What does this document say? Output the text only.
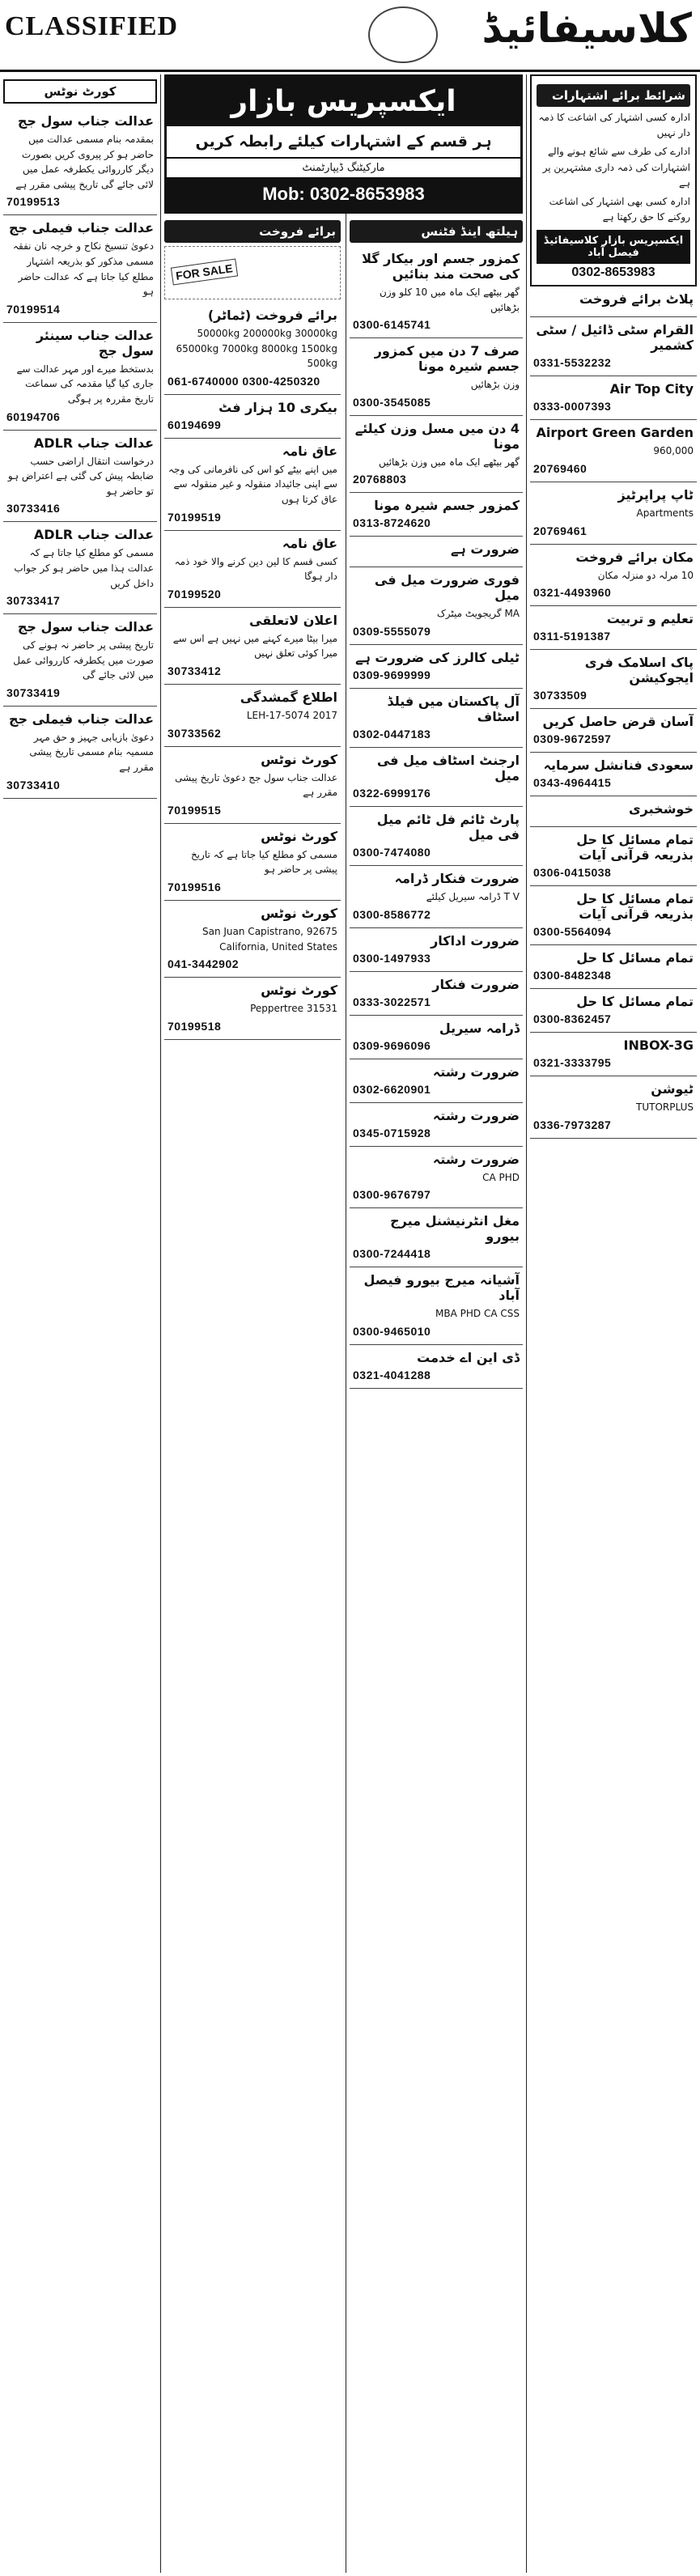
CLASSIFIED	کلاسیفائیڈ
ایکسپریس بازار
ہر قسم کے اشتہارات کیلئے رابطہ کریں
مارکیٹنگ ڈیپارٹمنٹ
Mob: 0302-8653983
کورٹ نوٹس
عدالت جناب سول جج
بمقدمہ بنام مسمی عدالت میں حاضر ہو کر پیروی کریں بصورت دیگر کارروائی یکطرفہ عمل میں لائی جائے گی تاریخ پیشی مقرر ہے
70199513
عدالت جناب فیملی جج
دعویٰ تنسیخ نکاح و خرچہ نان نفقہ مسمی مذکور کو بذریعہ اشتہار مطلع کیا جاتا ہے کہ عدالت حاضر ہو
70199514
عدالت جناب سینئر سول جج
بدستخط میرے اور مہر عدالت سے جاری کیا گیا مقدمہ کی سماعت تاریخ مقررہ پر ہوگی
60194706
عدالت جناب ADLR
درخواست انتقال اراضی حسب ضابطہ پیش کی گئی ہے اعتراض ہو تو حاضر ہو
30733416
عدالت جناب ADLR
مسمی کو مطلع کیا جاتا ہے کہ عدالت ہذا میں حاضر ہو کر جواب داخل کریں
30733417
عدالت جناب سول جج
تاریخ پیشی پر حاضر نہ ہونے کی صورت میں یکطرفہ کارروائی عمل میں لائی جائے گی
30733419
عدالت جناب فیملی جج
دعویٰ بازیابی جہیز و حق مہر مسمیہ بنام مسمی تاریخ پیشی مقرر ہے
30733410
برائے فروخت
FOR SALE
برائے فروخت (ٹماٹر)
50000kg 200000kg 30000kg 65000kg 7000kg 8000kg 1500kg 500kg
061-6740000 0300-4250320
بیکری 10 ہزار فٹ
60194699
عاق نامہ
میں اپنے بیٹے کو اس کی نافرمانی کی وجہ سے اپنی جائیداد منقولہ و غیر منقولہ سے عاق کرتا ہوں
70199519
عاق نامہ
کسی قسم کا لین دین کرنے والا خود ذمہ دار ہوگا
70199520
اعلان لاتعلقی
میرا بیٹا میرے کہنے میں نہیں ہے اس سے میرا کوئی تعلق نہیں
30733412
اطلاع گمشدگی
LEH-17-5074 2017
30733562
کورٹ نوٹس
عدالت جناب سول جج دعویٰ تاریخ پیشی مقرر ہے
70199515
کورٹ نوٹس
مسمی کو مطلع کیا جاتا ہے کہ تاریخ پیشی پر حاضر ہو
70199516
کورٹ نوٹس
San Juan Capistrano, 92675 California, United States
041-3442902
کورٹ نوٹس
31531 Peppertree
70199518
ہیلتھ اینڈ فٹنس
کمزور جسم اور بیکار گلا کی صحت مند بنائیں
گھر بیٹھے ایک ماہ میں 10 کلو وزن بڑھائیں
0300-6145741
صرف 7 دن میں کمزور جسم شیرہ مونا
وزن بڑھائیں
0300-3545085
4 دن میں مسل وزن کیلئے مونا
گھر بیٹھے ایک ماہ میں وزن بڑھائیں
20768803
کمزور جسم شیرہ مونا
0313-8724620
ضرورت ہے
فوری ضرورت میل فی میل
MA گریجویٹ میٹرک
0309-5555079
ٹیلی کالرز کی ضرورت ہے
0309-9699999
آل پاکستان میں فیلڈ اسٹاف
0302-0447183
ارجنٹ اسٹاف میل فی میل
0322-6999176
پارٹ ٹائم فل ٹائم میل فی میل
0300-7474080
ضرورت فنکار ڈرامہ
T V ڈرامہ سیریل کیلئے
0300-8586772
ضرورت اداکار
0300-1497933
ضرورت فنکار
0333-3022571
ڈرامہ سیریل
0309-9696096
ضرورت رشتہ
0302-6620901
ضرورت رشتہ
0345-0715928
ضرورت رشتہ
CA PHD
0300-9676797
مغل انٹرنیشنل میرج بیورو
0300-7244418
آشیانہ میرج بیورو فیصل آباد
MBA PHD CA CSS
0300-9465010
ڈی این اے خدمت
0321-4041288
شرائط برائے اشتہارات
ادارہ کسی اشتہار کی اشاعت کا ذمہ دار نہیں
ادارے کی طرف سے شائع ہونے والے اشتہارات کی ذمہ داری مشتہرین پر ہے
ادارہ کسی بھی اشتہار کی اشاعت روکنے کا حق رکھتا ہے
ایکسپریس بازار کلاسیفائیڈ فیصل آباد
0302-8653983
پلاٹ برائے فروخت
القرام سٹی ڈائیل / سٹی کشمیر
0331-5532232
Air Top City
0333-0007393
Airport Green Garden
960,000
20769460
ٹاپ پراپرٹیز
Apartments
20769461
مکان برائے فروخت
10 مرلہ دو منزلہ مکان
0321-4493960
تعلیم و تربیت
0311-5191387
پاک اسلامک فری ایجوکیشن
30733509
آسان قرض حاصل کریں
0309-9672597
سعودی فنانشل سرمایہ
0343-4964415
خوشخبری
تمام مسائل کا حل بذریعہ قرآنی آیات
0306-0415038
تمام مسائل کا حل بذریعہ قرآنی آیات
0300-5564094
تمام مسائل کا حل
0300-8482348
تمام مسائل کا حل
0300-8362457
INBOX-3G
0321-3333795
ٹیوشن
TUTORPLUS
0336-7973287
